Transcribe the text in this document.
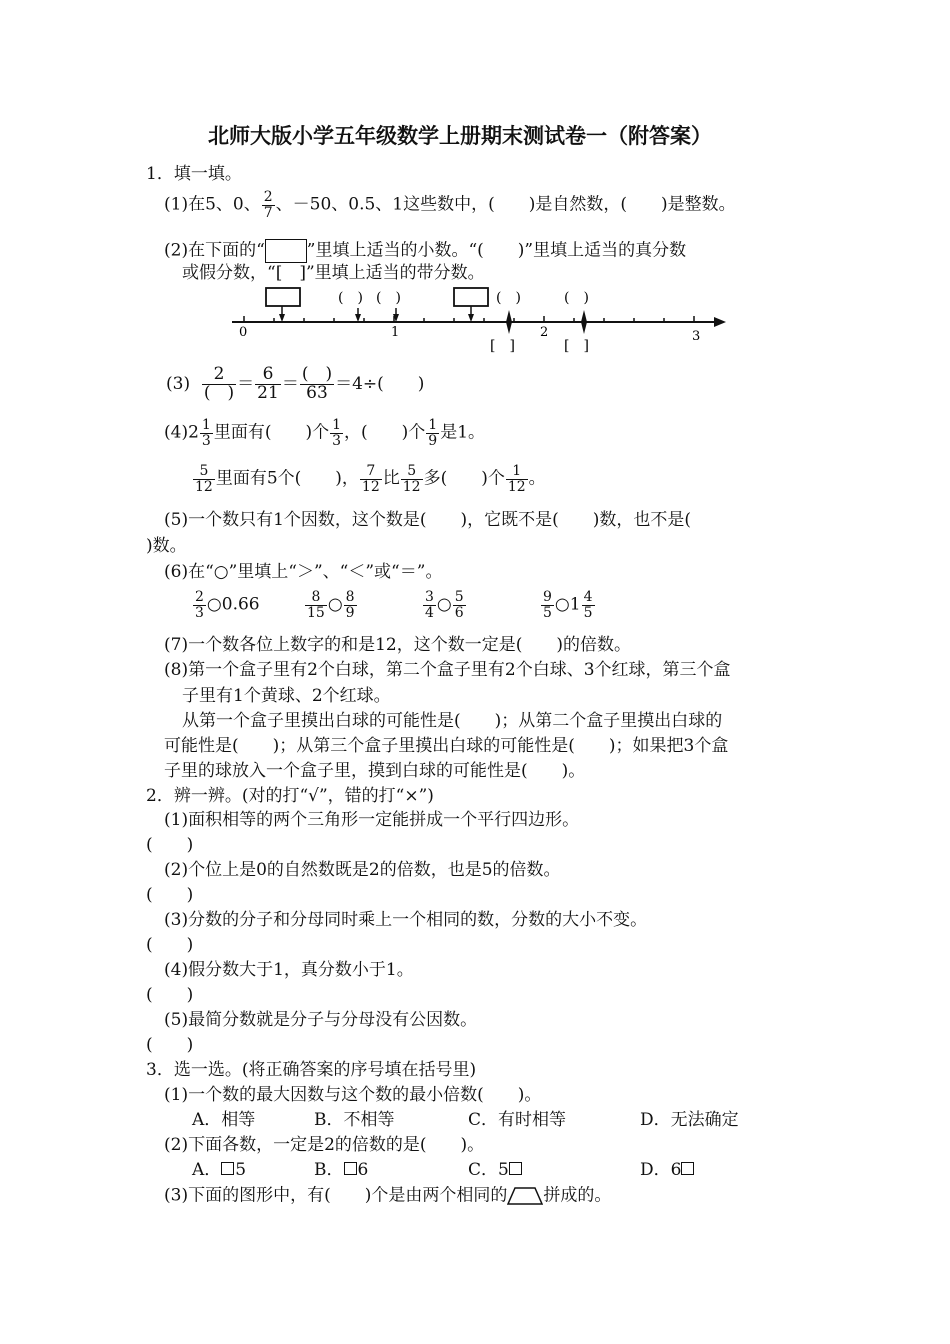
北师大版小学五年级数学上册期末测试卷一（附答案）
1．填一填。
(1)在5、0、 $\frac{2}{7}$ 、－50、0.5、1这些数中，(　　)是自然数，(　　)是整数。
(2)在下面的“ ”里填上适当的小数。“(　　)”里填上适当的真分数
或假分数，“[　]”里填上适当的带分数。
0	1	2	3
(　) (　)	(　)	(　)
[　]	[　]
$(3) \frac{2}{( )} = \frac{6}{21} = \frac{( )}{63} =4\div$(　　)
$(4)2 \frac{1}{3}$ 里面有(　　)个 $\frac{1}{3}$ ，(　　)个 $\frac{1}{9}$ 是1。
$\frac{5}{12}$ 里面有5个(　　)， $\frac{7}{12}$ 比 $\frac{5}{12}$ 多(　　)个 $\frac{1}{12}$ 。
(5)一个数只有1个因数，这个数是(　　)，它既不是(　　)数，也不是(
)数。
(6)在“○”里填上“＞”、“＜”或“＝”。
$\frac{2}{3}$ ○0.66	$\frac{8}{15}$ ○ $\frac{8}{9}$	$\frac{3}{4}$ ○ $\frac{5}{6}$	$\frac{9}{5}$ ○1 $\frac{4}{5}$
(7)一个数各位上数字的和是12，这个数一定是(　　)的倍数。
(8)第一个盒子里有2个白球，第二个盒子里有2个白球、3个红球，第三个盒
子里有1个黄球、2个红球。
从第一个盒子里摸出白球的可能性是(　　)；从第二个盒子里摸出白球的
可能性是(　　)；从第三个盒子里摸出白球的可能性是(　　)；如果把3个盒
子里的球放入一个盒子里，摸到白球的可能性是(　　)。
2．辨一辨。(对的打“√”，错的打“×”)
(1)面积相等的两个三角形一定能拼成一个平行四边形。
(　　)
(2)个位上是0的自然数既是2的倍数，也是5的倍数。
(　　)
(3)分数的分子和分母同时乘上一个相同的数，分数的大小不变。
(　　)
(4)假分数大于1，真分数小于1。
(　　)
(5)最简分数就是分子与分母没有公因数。
(　　)
3．选一选。(将正确答案的序号填在括号里)
(1)一个数的最大因数与这个数的最小倍数(　　)。
A．相等	B．不相等	C．有时相等	D．无法确定
(2)下面各数，一定是2的倍数的是(　　)。
A． 5	B． 6	C．5	D．6
(3)下面的图形中，有(　　)个是由两个相同的 拼成的。
